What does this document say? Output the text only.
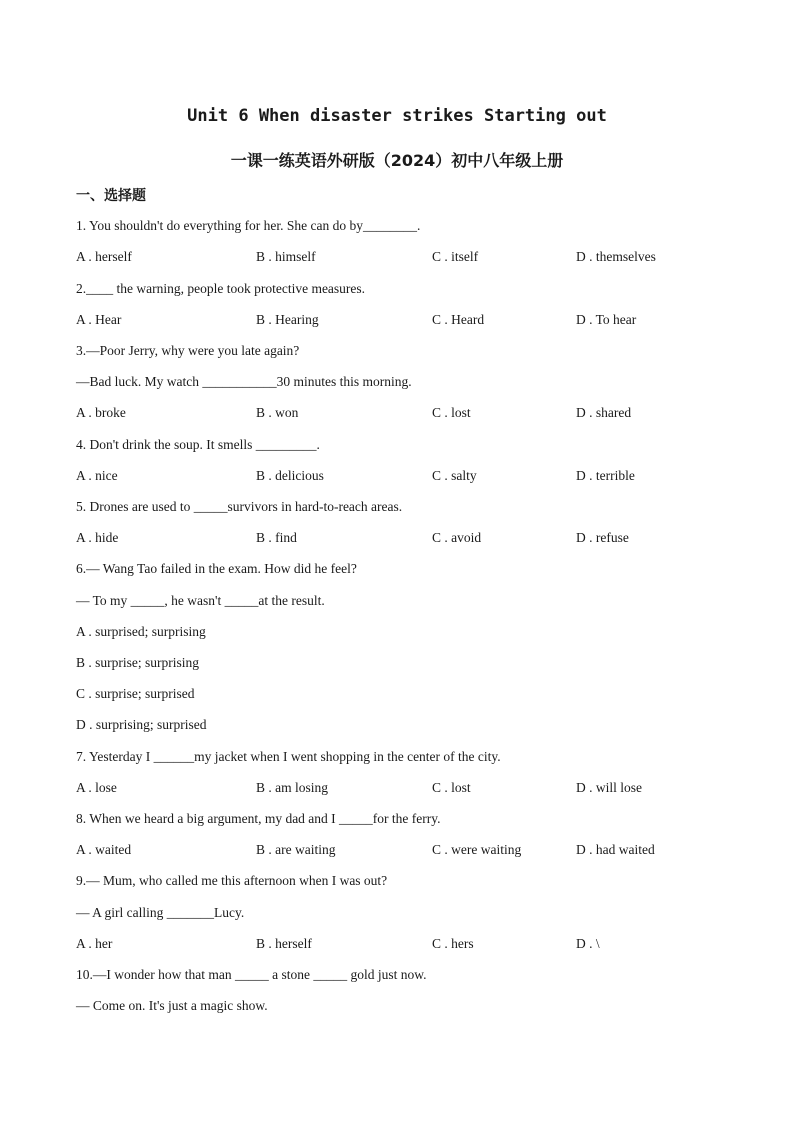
Unit 6 When disaster strikes Starting out
一课一练英语外研版（2024）初中八年级上册
一、选择题
1. You shouldn't do everything for her. She can do by________.
A . herself	B . himself	C . itself	D . themselves
2.____ the warning, people took protective measures.
A . Hear	B . Hearing	C . Heard	D . To hear
3.—Poor Jerry, why were you late again?
—Bad luck. My watch ___________30 minutes this morning.
A . broke	B . won	C . lost	D . shared
4. Don't drink the soup. It smells _________.
A . nice	B . delicious	C . salty	D . terrible
5. Drones are used to _____survivors in hard-to-reach areas.
A . hide	B . find	C . avoid	D . refuse
6.— Wang Tao failed in the exam. How did he feel?
— To my _____, he wasn't _____at the result.
A . surprised; surprising
B . surprise; surprising
C . surprise; surprised
D . surprising; surprised
7. Yesterday I ______my jacket when I went shopping in the center of the city.
A . lose	B . am losing	C . lost	D . will lose
8. When we heard a big argument, my dad and I _____for the ferry.
A . waited	B . are waiting	C . were waiting	D . had waited
9.— Mum, who called me this afternoon when I was out?
— A girl calling _______Lucy.
A . her	B . herself	C . hers	D . \
10.—I wonder how that man _____ a stone _____ gold just now.
— Come on. It's just a magic show.
